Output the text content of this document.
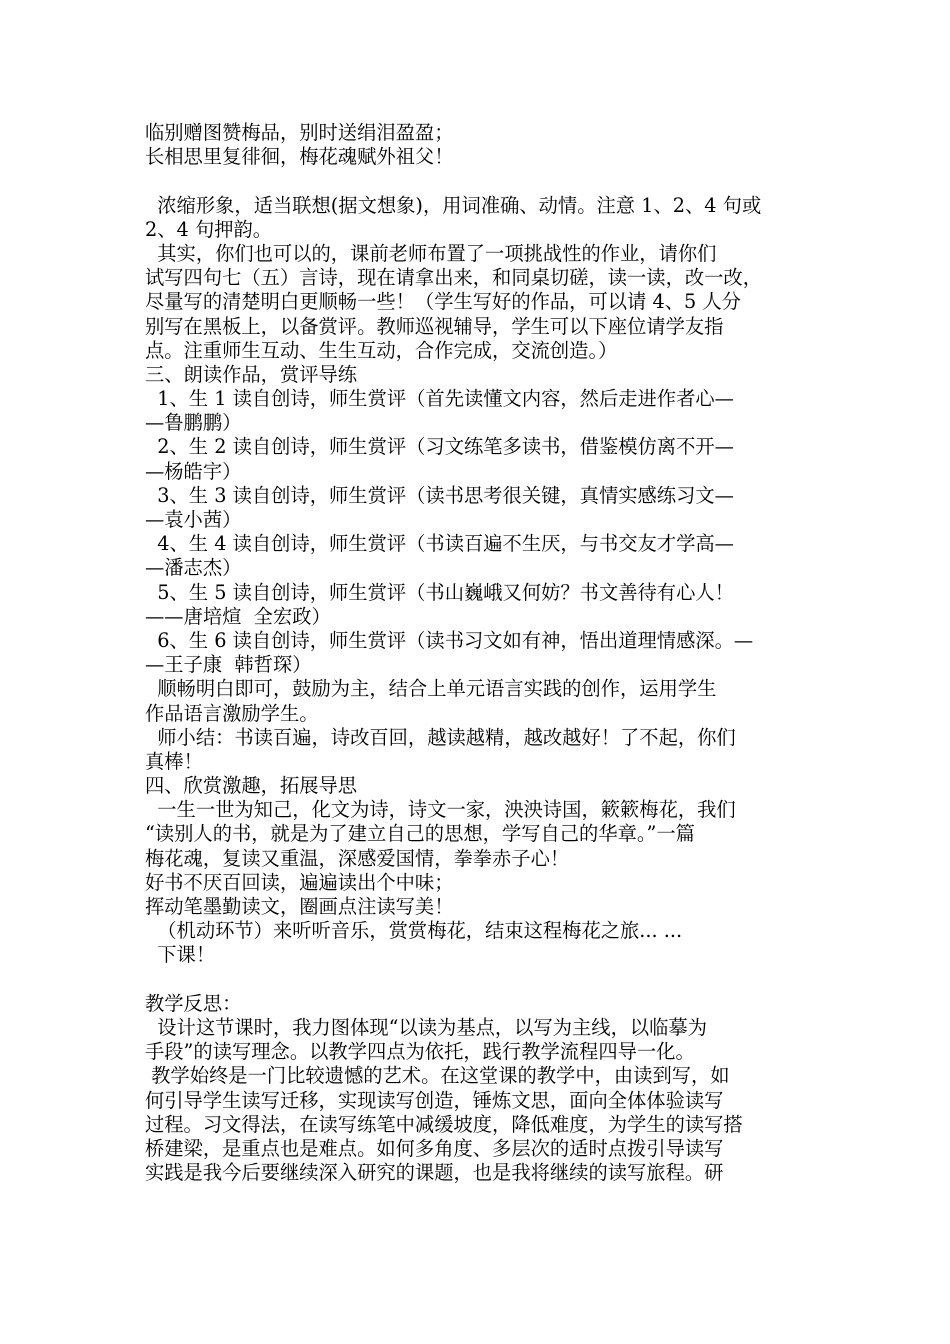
临别赠图赞梅品，别时送绢泪盈盈；
长相思里复徘徊，梅花魂赋外祖父！
浓缩形象，适当联想(据文想象)，用词准确、动情。注意 1、2、4 句或
2、4 句押韵。
其实，你们也可以的，课前老师布置了一项挑战性的作业，请你们
试写四句七（五）言诗，现在请拿出来，和同桌切磋，读一读，改一改，
尽量写的清楚明白更顺畅一些！（学生写好的作品，可以请 4、5 人分
别写在黑板上，以备赏评。教师巡视辅导，学生可以下座位请学友指
点。注重师生互动、生生互动，合作完成，交流创造。）
三、朗读作品，赏评导练
1、生 1 读自创诗，师生赏评（首先读懂文内容，然后走进作者心—
—鲁鹏鹏）
2、生 2 读自创诗，师生赏评（习文练笔多读书，借鉴模仿离不开—
—杨皓宇）
3、生 3 读自创诗，师生赏评（读书思考很关键，真情实感练习文—
—袁小茜）
4、生 4 读自创诗，师生赏评（书读百遍不生厌，与书交友才学高—
—潘志杰）
5、生 5 读自创诗，师生赏评（书山巍峨又何妨？书文善待有心人！
——唐培煊  全宏政）
6、生 6 读自创诗，师生赏评（读书习文如有神，悟出道理情感深。—
—王子康  韩哲琛）
顺畅明白即可，鼓励为主，结合上单元语言实践的创作，运用学生
作品语言激励学生。
师小结：书读百遍，诗改百回，越读越精，越改越好！了不起，你们
真棒！
四、欣赏激趣，拓展导思
一生一世为知己，化文为诗，诗文一家，泱泱诗国，簌簌梅花，我们
“读别人的书，就是为了建立自己的思想，学写自己的华章。”一篇
梅花魂，复读又重温，深感爱国情，拳拳赤子心！
好书不厌百回读，遍遍读出个中味；
挥动笔墨勤读文，圈画点注读写美！
（机动环节）来听听音乐，赏赏梅花，结束这程梅花之旅... ...
下课！
教学反思：
设计这节课时，我力图体现“以读为基点，以写为主线，以临摹为
手段”的读写理念。以教学四点为依托，践行教学流程四导一化。
教学始终是一门比较遗憾的艺术。在这堂课的教学中，由读到写，如
何引导学生读写迁移，实现读写创造，锤炼文思，面向全体体验读写
过程。习文得法，在读写练笔中减缓坡度，降低难度，为学生的读写搭
桥建梁，是重点也是难点。如何多角度、多层次的适时点拨引导读写
实践是我今后要继续深入研究的课题，也是我将继续的读写旅程。研
